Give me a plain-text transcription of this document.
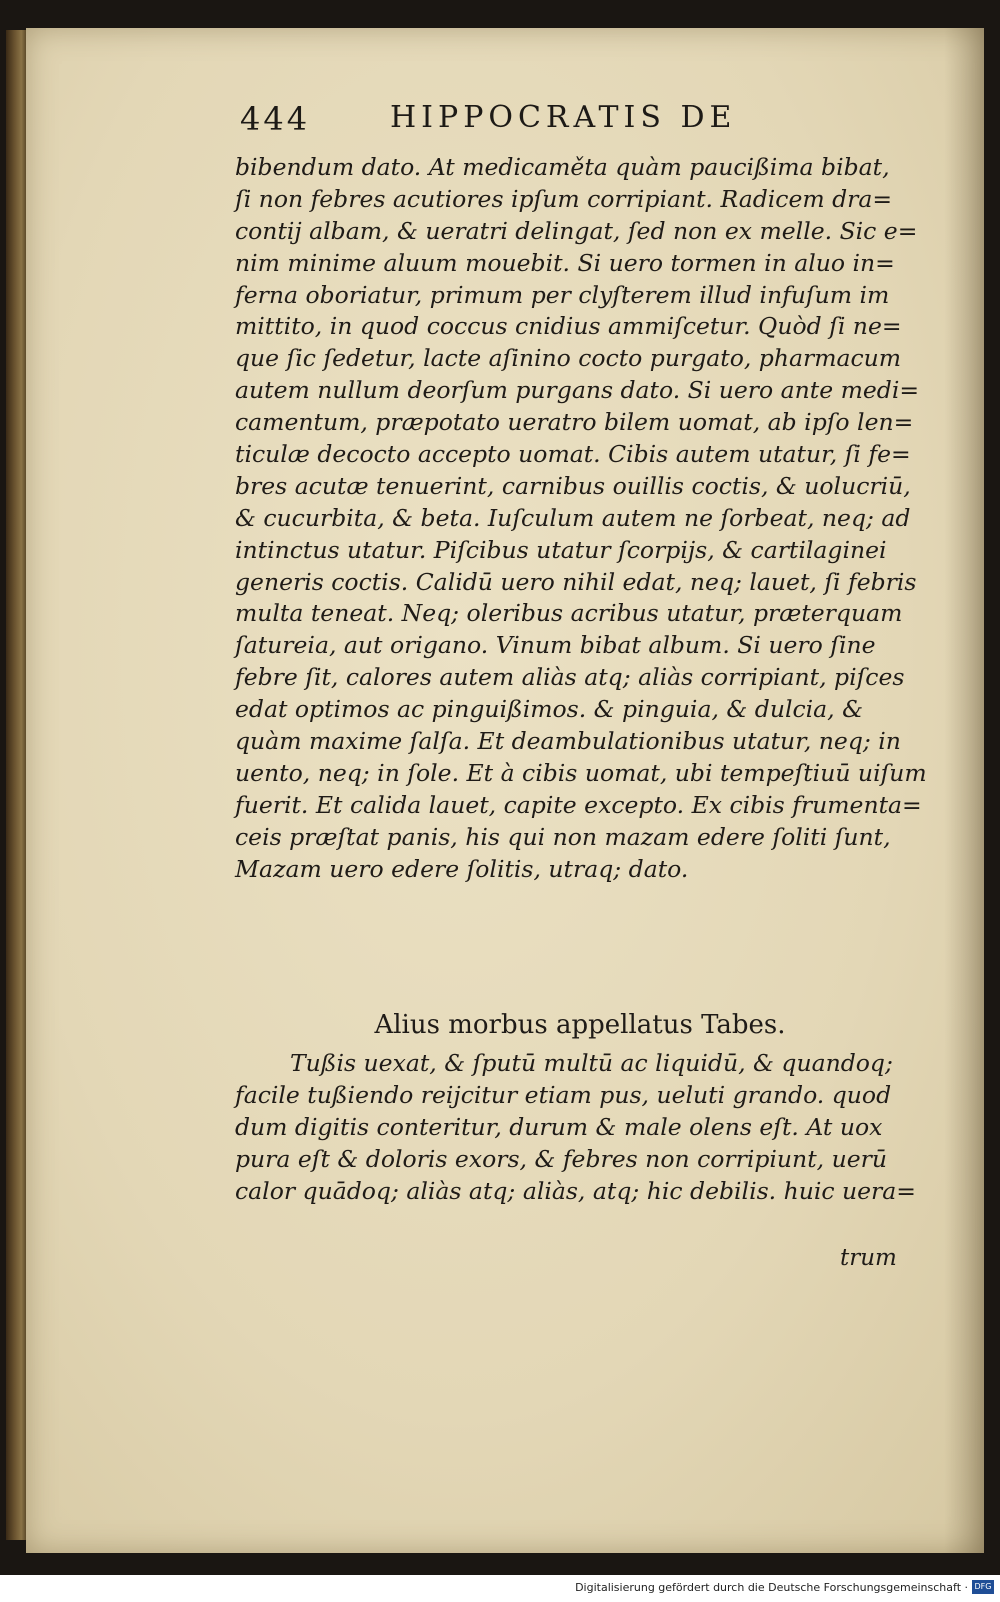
444	HIPPOCRATIS DE
bibendum dato. At medicaměta quàm paucißima bibat,
ſi non febres acutiores ipſum corripiant. Radicem dra=
contij albam, & ueratri delingat, ſed non ex melle. Sic e=
nim minime aluum mouebit. Si uero tormen in aluo in=
ferna oboriatur, primum per clyſterem illud infuſum im
mittito, in quod coccus cnidius ammiſcetur. Quòd ſi ne=
que ſic ſedetur, lacte aſinino cocto purgato, pharmacum
autem nullum deorſum purgans dato. Si uero ante medi=
camentum, præpotato ueratro bilem uomat, ab ipſo len=
ticulæ decocto accepto uomat. Cibis autem utatur, ſi fe=
bres acutæ tenuerint, carnibus ouillis coctis, & uolucriū,
& cucurbita, & beta. Iuſculum autem ne ſorbeat, neq; ad
intinctus utatur. Piſcibus utatur ſcorpijs, & cartilaginei
generis coctis. Calidū uero nihil edat, neq; lauet, ſi febris
multa teneat. Neq; oleribus acribus utatur, præterquam
ſatureia, aut origano. Vinum bibat album. Si uero ſine
febre ſit, calores autem aliàs atq; aliàs corripiant, piſces
edat optimos ac pinguißimos. & pinguia, & dulcia, &
quàm maxime ſalſa. Et deambulationibus utatur, neq; in
uento, neq; in ſole. Et à cibis uomat, ubi tempeſtiuū uiſum
fuerit. Et calida lauet, capite excepto. Ex cibis frumenta=
ceis præſtat panis, his qui non mazam edere ſoliti ſunt,
Mazam uero edere ſolitis, utraq; dato.
Alius morbus appellatus Tabes.
Tußis uexat, & ſputū multū ac liquidū, & quandoq;
facile tußiendo reijcitur etiam pus, ueluti grando. quod
dum digitis conteritur, durum & male olens eſt. At uox
pura eſt & doloris exors, & febres non corripiunt, uerū
calor quādoq; aliàs atq; aliàs, atq; hic debilis. huic uera=
trum
Digitalisierung gefördert durch die Deutsche Forschungsgemeinschaft · DFG
